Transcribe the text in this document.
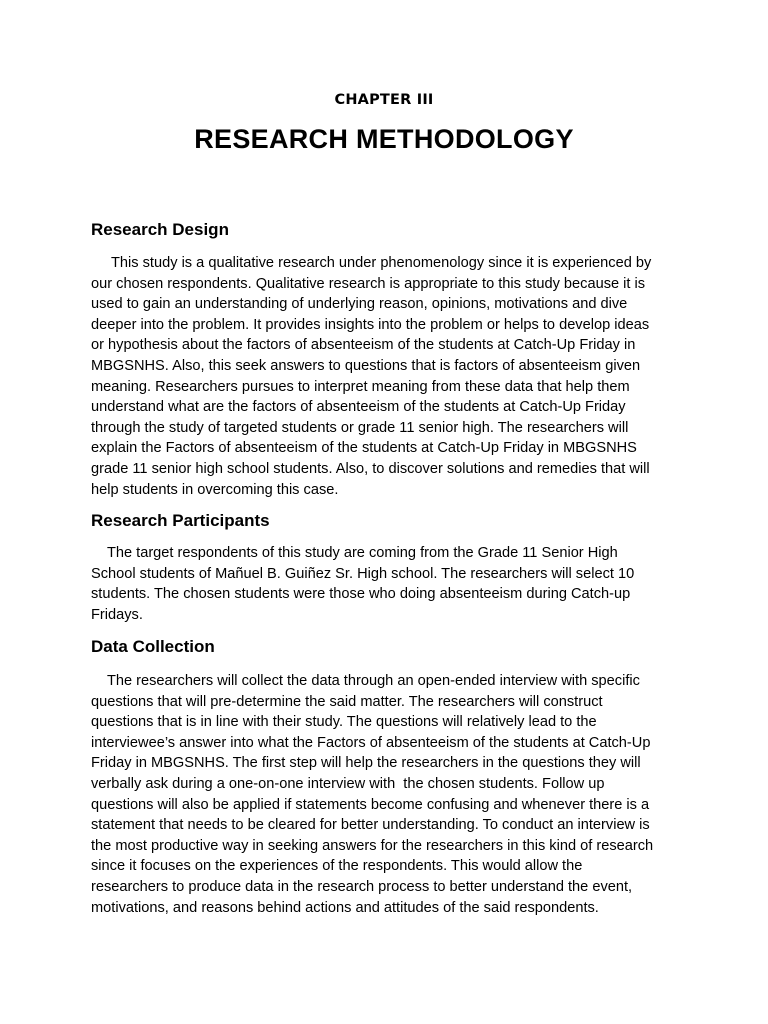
CHAPTER III
RESEARCH METHODOLOGY
Research Design

This study is a qualitative research under phenomenology since it is experienced by
our chosen respondents. Qualitative research is appropriate to this study because it is
used to gain an understanding of underlying reason, opinions, motivations and dive
deeper into the problem. It provides insights into the problem or helps to develop ideas
or hypothesis about the factors of absenteeism of the students at Catch-Up Friday in
MBGSNHS. Also, this seek answers to questions that is factors of absenteeism given
meaning. Researchers pursues to interpret meaning from these data that help them
understand what are the factors of absenteeism of the students at Catch-Up Friday
through the study of targeted students or grade 11 senior high. The researchers will
explain the Factors of absenteeism of the students at Catch-Up Friday in MBGSNHS
grade 11 senior high school students. Also, to discover solutions and remedies that will
help students in overcoming this case.

Research Participants

The target respondents of this study are coming from the Grade 11 Senior High
School students of Mañuel B. Guiñez Sr. High school. The researchers will select 10
students. The chosen students were those who doing absenteeism during Catch-up
Fridays.

Data Collection

The researchers will collect the data through an open-ended interview with specific
questions that will pre-determine the said matter. The researchers will construct
questions that is in line with their study. The questions will relatively lead to the
interviewee’s answer into what the Factors of absenteeism of the students at Catch-Up
Friday in MBGSNHS. The first step will help the researchers in the questions they will
verbally ask during a one-on-one interview with  the chosen students. Follow up
questions will also be applied if statements become confusing and whenever there is a
statement that needs to be cleared for better understanding. To conduct an interview is
the most productive way in seeking answers for the researchers in this kind of research
since it focuses on the experiences of the respondents. This would allow the
researchers to produce data in the research process to better understand the event,
motivations, and reasons behind actions and attitudes of the said respondents.
